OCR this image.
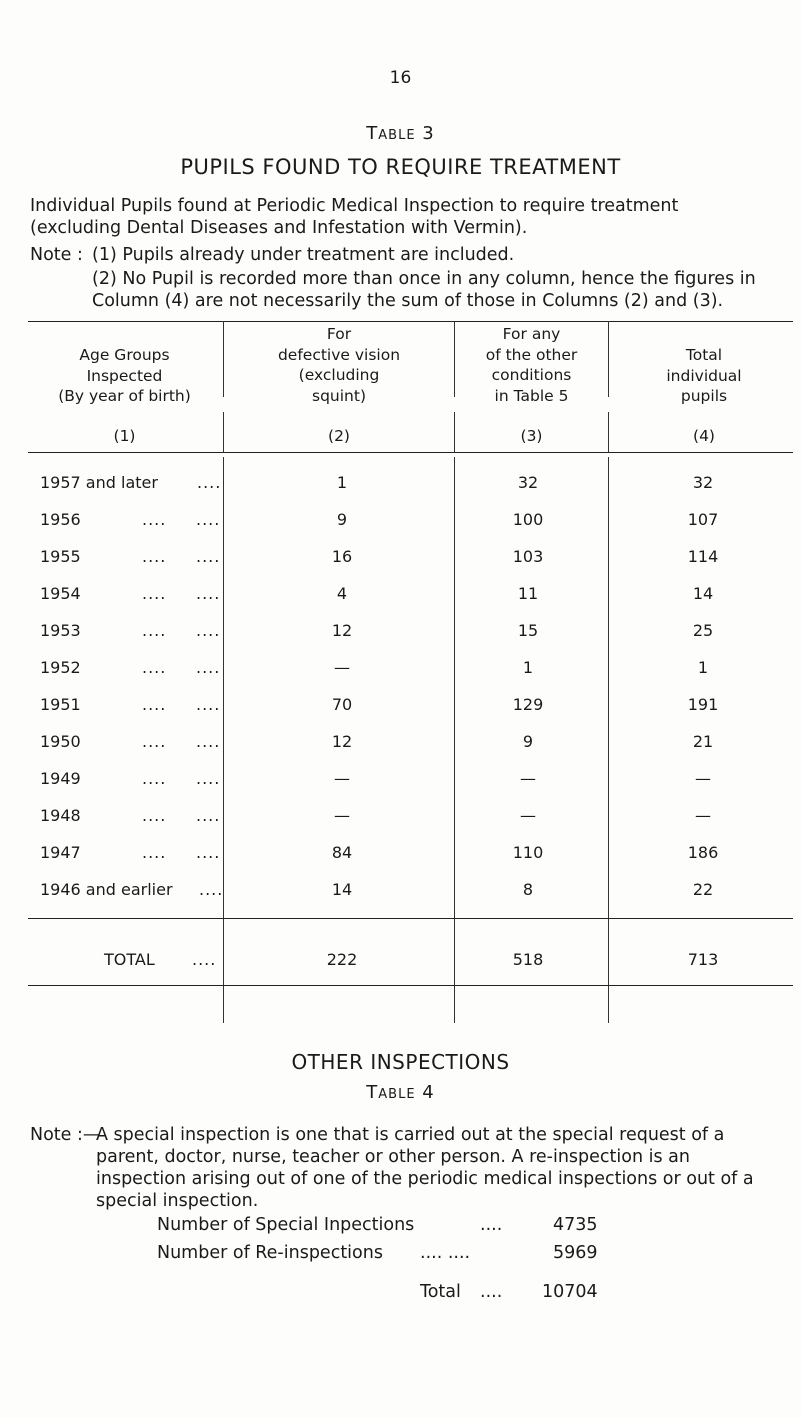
16
Table 3
PUPILS FOUND TO REQUIRE TREATMENT
Individual Pupils found at Periodic Medical Inspection to require treatment (excluding Dental Diseases and Infestation with Vermin).
Note : (1) Pupils already under treatment are included.
(2) No Pupil is recorded more than once in any column, hence the figures in Column (4) are not necessarily the sum of those in Columns (2) and (3).
Age Groups
Inspected
(By year of birth)
For
defective vision
(excluding
squint)
For any
of the other
conditions
in Table 5
Total
individual
pupils
(1)	(2)	(3)	(4)
1957 and later ....	1	32	32
1956	.... ....	9	100	107
1955	.... ....	16	103	114
1954	.... ....	4	11	14
1953	.... ....	12	15	25
1952	.... ....	—	1	1
1951	.... ....	70	129	191
1950	.... ....	12	9	21
1949	.... ....	—	—	—
1948	.... ....	—	—	—
1947	.... ....	84	110	186
1946 and earlier ....	14	8	22
TOTAL ....	222	518	713
OTHER INSPECTIONS
Table 4
Note :—
A special inspection is one that is carried out at the special request of a parent, doctor, nurse, teacher or other person. A re-inspection is an inspection arising out of one of the periodic medical inspections or out of a special inspection.
Number of Special Inpections	....	4735
Number of Re-inspections .... ....	5969
Total .... 10704
